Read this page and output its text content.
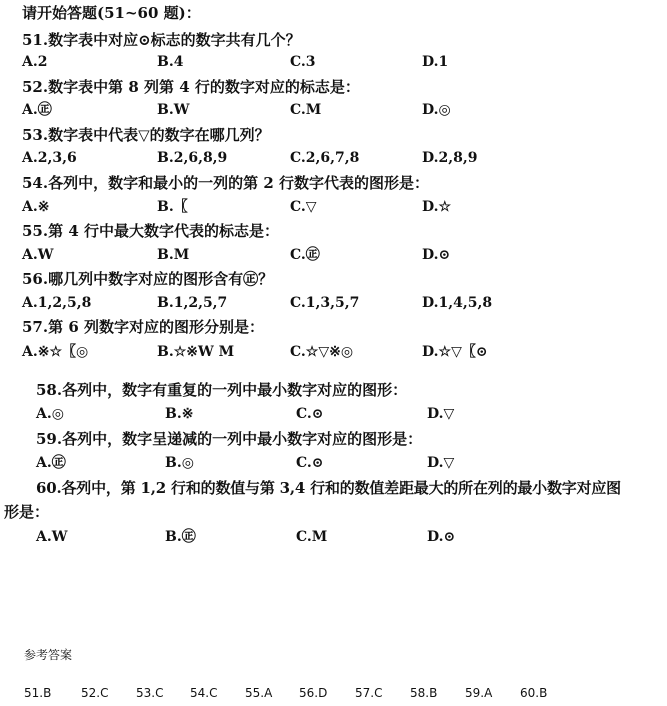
请开始答题(51~60 题)：
51.数字表中对应⊙标志的数字共有几个？
A.2	B.4	C.3	D.1
52.数字表中第 8 列第 4 行的数字对应的标志是：
A.㊣	B.W	C.M	D.◎
53.数字表中代表▽的数字在哪几列？
A.2,3,6	B.2,6,8,9	C.2,6,7,8	D.2,8,9
54.各列中，数字和最小的一列的第 2 行数字代表的图形是：
A.※	B.〖	C.▽	D.☆
55.第 4 行中最大数字代表的标志是：
A.W	B.M	C.㊣	D.⊙
56.哪几列中数字对应的图形含有㊣？
A.1,2,5,8	B.1,2,5,7	C.1,3,5,7	D.1,4,5,8
57.第 6 列数字对应的图形分别是：
A.※☆〖◎	B.☆※W M	C.☆▽※◎	D.☆▽〖⊙
58.各列中，数字有重复的一列中最小数字对应的图形：
A.◎	B.※	C.⊙	D.▽
59.各列中，数字呈递减的一列中最小数字对应的图形是：
A.㊣	B.◎	C.⊙	D.▽
60.各列中，第 1,2 行和的数值与第 3,4 行和的数值差距最大的所在列的最小数字对应图
形是：
A.W	B.㊣	C.M	D.⊙
参考答案
51.B 52.C 53.C 54.C 55.A 56.D 57.C 58.B 59.A 60.B
